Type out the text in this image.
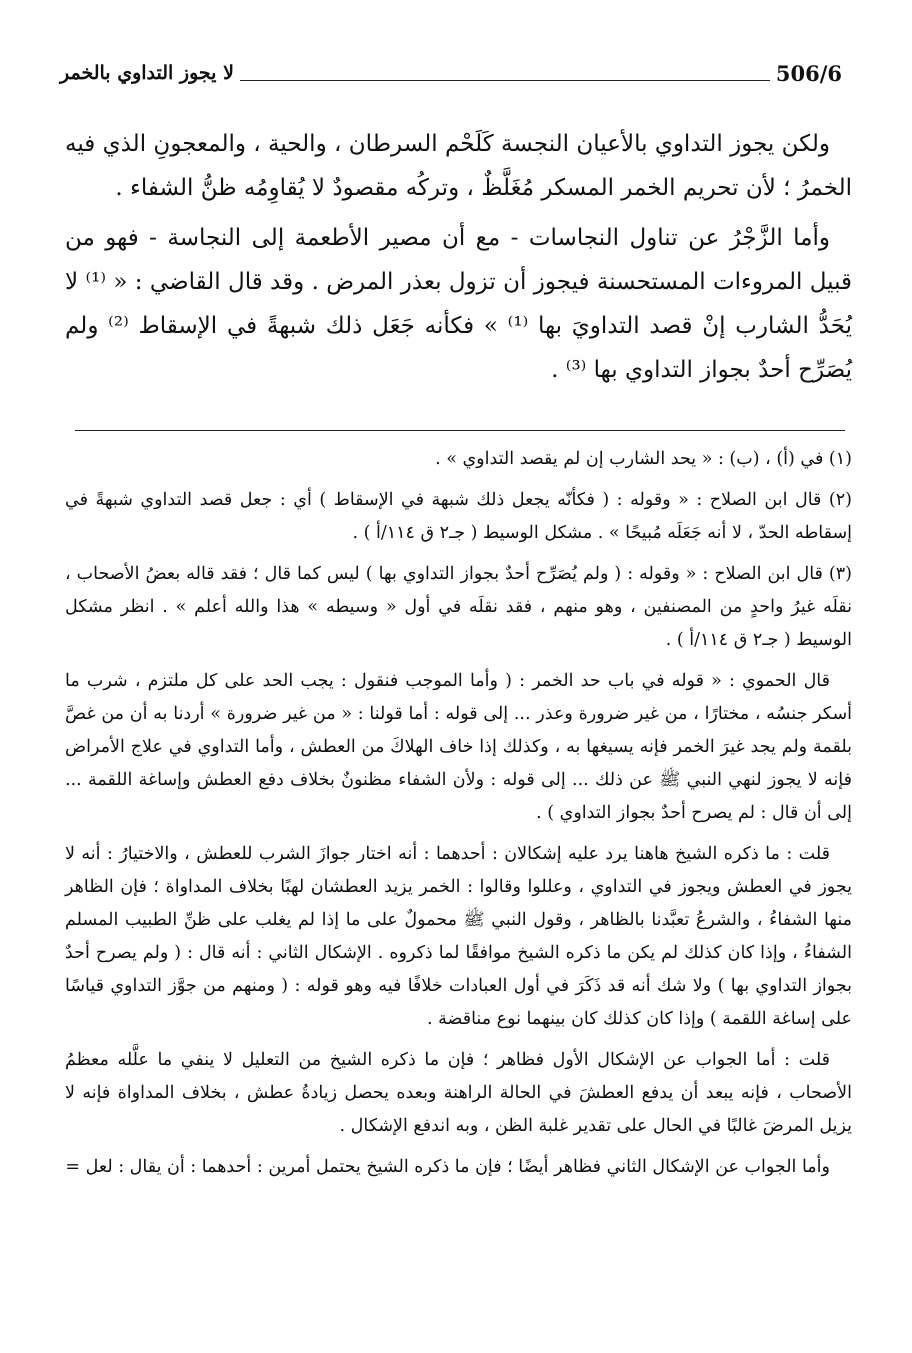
لا يجوز التداوي بالخمر	506/6

ولكن يجوز التداوي بالأعيان النجسة كَلَحْم السرطان ، والحية ، والمعجونِ الذي فيه الخمرُ ؛ لأن تحريم الخمر المسكر مُغَلَّظٌ ، وتركُه مقصودٌ لا يُقاوِمُه ظنُّ الشفاء .

وأما الزَّجْرُ عن تناول النجاسات - مع أن مصير الأطعمة إلى النجاسة - فهو من قبيل المروءات المستحسنة فيجوز أن تزول بعذر المرض . وقد قال القاضي : « ⁽¹⁾ لا يُحَدُّ الشارب إنْ قصد التداويَ بها ⁽¹⁾ » فكأنه جَعَل ذلك شبهةً في الإسقاط ⁽²⁾ ولم يُصَرِّح أحدٌ بجواز التداوي بها ⁽³⁾ .

(١) في (أ) ، (ب) : « يحد الشارب إن لم يقصد التداوي » .

(٢) قال ابن الصلاح : « وقوله : ( فكأنّه يجعل ذلك شبهة في الإسقاط ) أي : جعل قصد التداوي شبهةً في إسقاطه الحدّ ، لا أنه جَعَلَه مُبيحًا » . مشكل الوسيط ( جـ٢ ق ١١٤/أ ) .

(٣) قال ابن الصلاح : « وقوله : ( ولم يُصَرِّح أحدٌ بجواز التداوي بها ) ليس كما قال ؛ فقد قاله بعضُ الأصحاب ، نقلَه غيرُ واحدٍ من المصنفين ، وهو منهم ، فقد نقلَه في أول « وسيطه » هذا والله أعلم » . انظر مشكل الوسيط ( جـ٢ ق ١١٤/أ ) .

قال الحموي : « قوله في باب حد الخمر : ( وأما الموجب فنقول : يجب الحد على كل ملتزم ، شرب ما أسكر جنسُه ، مختارًا ، من غير ضرورة وعذر ... إلى قوله : أما قولنا : « من غير ضرورة » أردنا به أن من غصَّ بلقمة ولم يجد غيرَ الخمر فإنه يسيغها به ، وكذلك إذا خاف الهلاكَ من العطش ، وأما التداوي في علاج الأمراض فإنه لا يجوز لنهي النبي ﷺ عن ذلك ... إلى قوله : ولأن الشفاء مظنونٌ بخلاف دفع العطش وإساغة اللقمة ... إلى أن قال : لم يصرح أحدٌ بجواز التداوي ) .

قلت : ما ذكره الشيخ هاهنا يرد عليه إشكالان : أحدهما : أنه اختار جوازَ الشرب للعطش ، والاختيارُ : أنه لا يجوز في العطش ويجوز في التداوي ، وعللوا وقالوا : الخمر يزيد العطشان لهبًا بخلاف المداواة ؛ فإن الظاهر منها الشفاءُ ، والشرعُ تعبَّدنا بالظاهر ، وقول النبي ﷺ محمولٌ على ما إذا لم يغلب على ظنِّ الطبيب المسلم الشفاءُ ، وإذا كان كذلك لم يكن ما ذكره الشيخ موافقًا لما ذكروه . الإشكال الثاني : أنه قال : ( ولم يصرح أحدٌ بجواز التداوي بها ) ولا شك أنه قد ذَكَرَ في أول العبادات خلافًا فيه وهو قوله : ( ومنهم من جوَّز التداوي قياسًا على إساغة اللقمة ) وإذا كان كذلك كان بينهما نوع مناقضة .

قلت : أما الجواب عن الإشكال الأول فظاهر ؛ فإن ما ذكره الشيخ من التعليل لا ينفي ما علَّله معظمُ الأصحاب ، فإنه يبعد أن يدفع العطشَ في الحالة الراهنة وبعده يحصل زيادةُ عطش ، بخلاف المداواة فإنه لا يزيل المرضَ غالبًا في الحال على تقدير غلبة الظن ، وبه اندفع الإشكال .

وأما الجواب عن الإشكال الثاني فظاهر أيضًا ؛ فإن ما ذكره الشيخ يحتمل أمرين : أحدهما : أن يقال : لعل =
